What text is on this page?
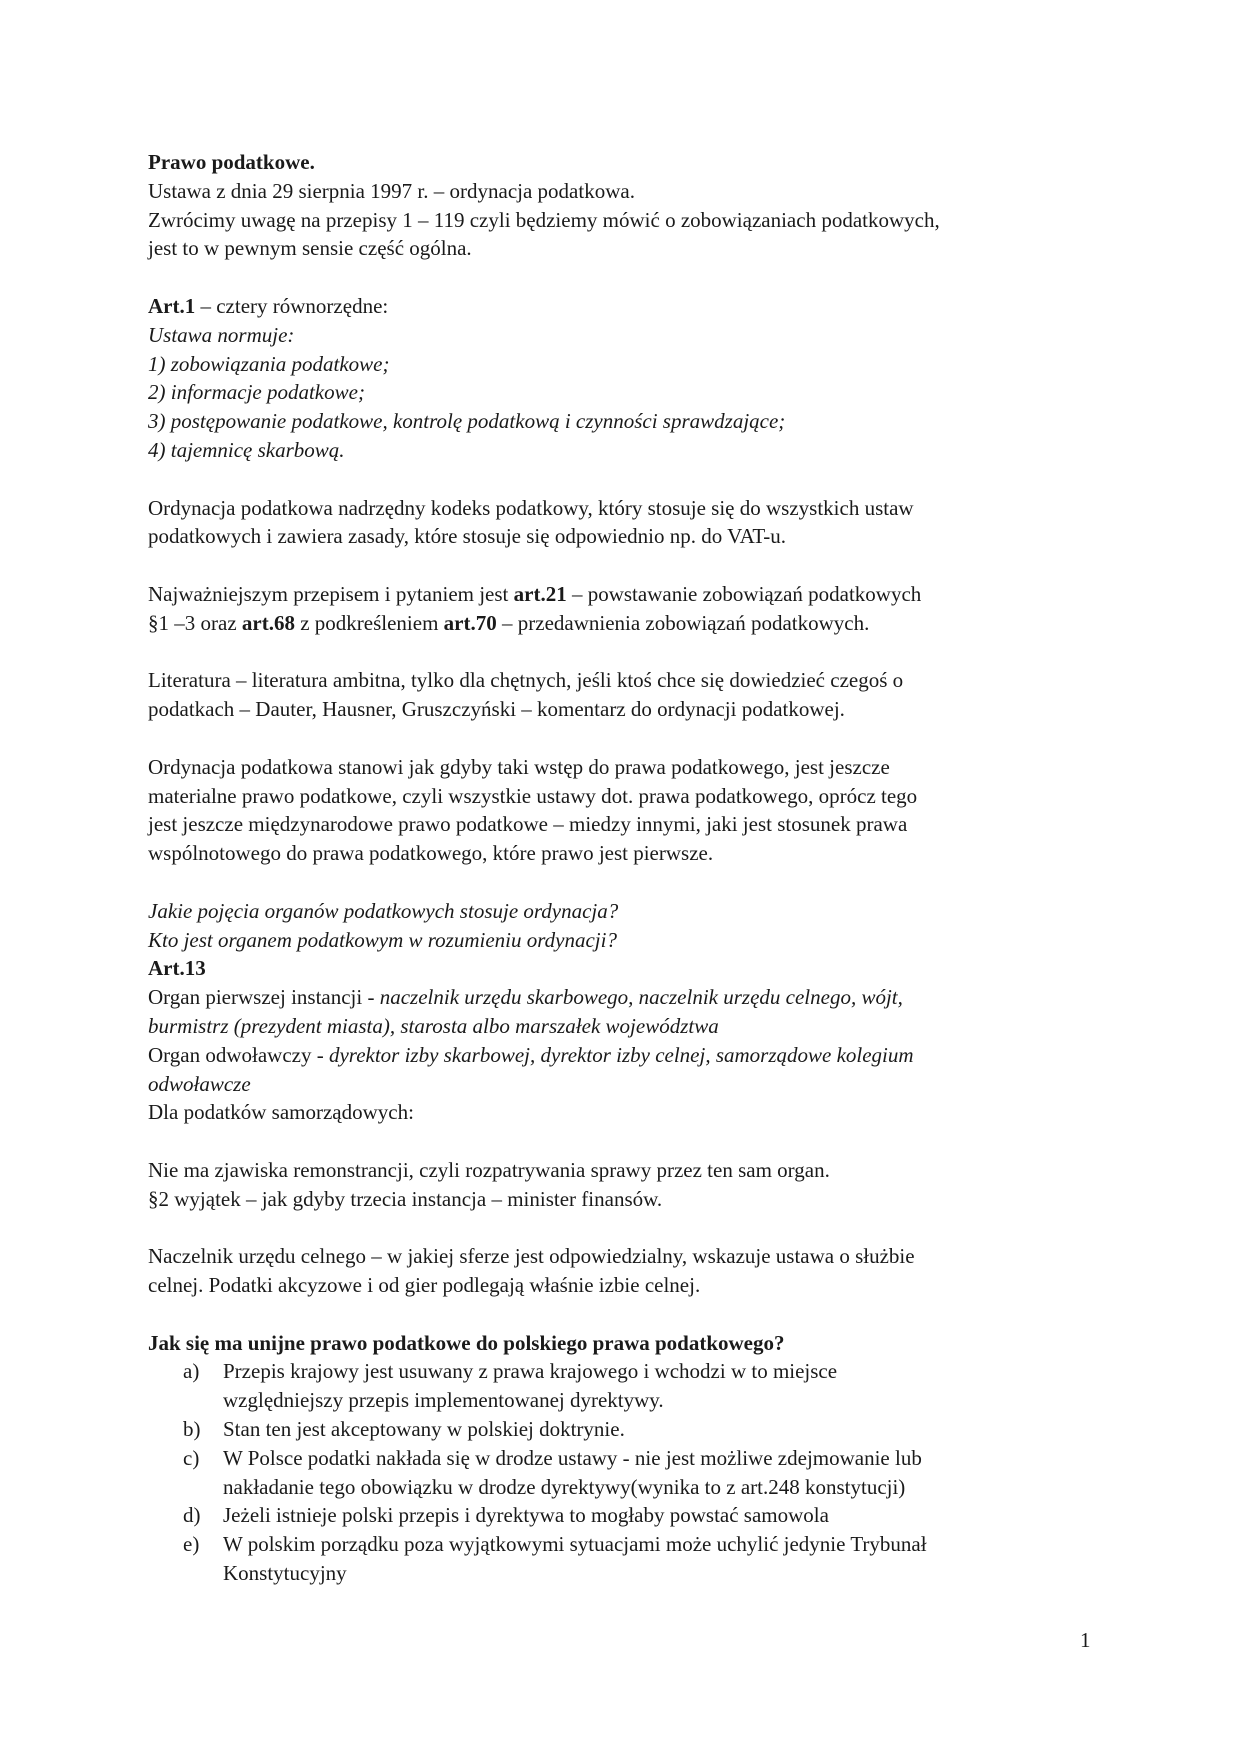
Prawo podatkowe.
Ustawa z dnia 29 sierpnia 1997 r. – ordynacja podatkowa.
Zwrócimy uwagę na przepisy 1 – 119 czyli będziemy mówić o zobowiązaniach podatkowych,
jest to w pewnym sensie część ogólna.
Art.1 – cztery równorzędne:
Ustawa normuje:
1) zobowiązania podatkowe;
2) informacje podatkowe;
3) postępowanie podatkowe, kontrolę podatkową i czynności sprawdzające;
4) tajemnicę skarbową.
Ordynacja podatkowa nadrzędny kodeks podatkowy, który stosuje się do wszystkich ustaw
podatkowych i zawiera zasady, które stosuje się odpowiednio np. do VAT-u.
Najważniejszym przepisem i pytaniem jest art.21 – powstawanie zobowiązań podatkowych
§1 –3 oraz art.68 z podkreśleniem art.70 – przedawnienia zobowiązań podatkowych.
Literatura – literatura ambitna, tylko dla chętnych, jeśli ktoś chce się dowiedzieć czegoś o
podatkach – Dauter, Hausner, Gruszczyński – komentarz do ordynacji podatkowej.
Ordynacja podatkowa stanowi jak gdyby taki wstęp do prawa podatkowego, jest jeszcze
materialne prawo podatkowe, czyli wszystkie ustawy dot. prawa podatkowego, oprócz tego
jest jeszcze międzynarodowe prawo podatkowe – miedzy innymi, jaki jest stosunek prawa
wspólnotowego do prawa podatkowego, które prawo jest pierwsze.
Jakie pojęcia organów podatkowych stosuje ordynacja?
Kto jest organem podatkowym w rozumieniu ordynacji?
Art.13
Organ pierwszej instancji - naczelnik urzędu skarbowego, naczelnik urzędu celnego, wójt,
burmistrz (prezydent miasta), starosta albo marszałek województwa
Organ odwoławczy - dyrektor izby skarbowej, dyrektor izby celnej, samorządowe kolegium
odwoławcze
Dla podatków samorządowych:
Nie ma zjawiska remonstrancji, czyli rozpatrywania sprawy przez ten sam organ.
§2 wyjątek – jak gdyby trzecia instancja – minister finansów.
Naczelnik urzędu celnego – w jakiej sferze jest odpowiedzialny, wskazuje ustawa o służbie
celnej. Podatki akcyzowe i od gier podlegają właśnie izbie celnej.
Jak się ma unijne prawo podatkowe do polskiego prawa podatkowego?
a) Przepis krajowy jest usuwany z prawa krajowego i wchodzi w to miejsce
względniejszy przepis implementowanej dyrektywy.
b) Stan ten jest akceptowany w polskiej doktrynie.
c) W Polsce podatki nakłada się w drodze ustawy - nie jest możliwe zdejmowanie lub
nakładanie tego obowiązku w drodze dyrektywy(wynika to z art.248 konstytucji)
d) Jeżeli istnieje polski przepis i dyrektywa to mogłaby powstać samowola
e) W polskim porządku poza wyjątkowymi sytuacjami może uchylić jedynie Trybunał
Konstytucyjny
1
